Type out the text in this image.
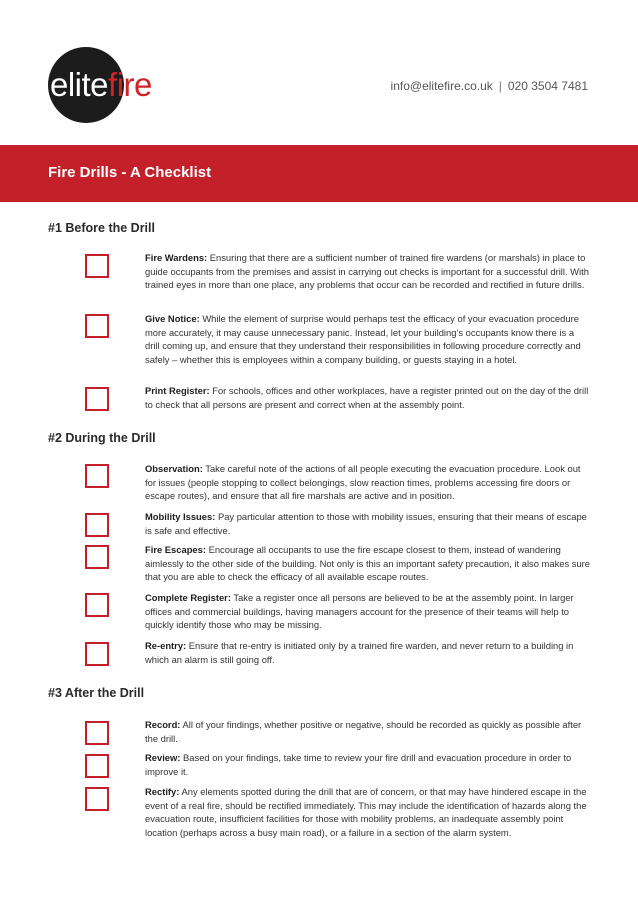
elitefire	info@elitefire.co.uk | 020 3504 7481
Fire Drills - A Checklist
#1 Before the Drill

Fire Wardens: Ensuring that there are a sufficient number of trained fire wardens (or marshals) in place to guide occupants from the premises and assist in carrying out checks is important for a successful drill. With trained eyes in more than one place, any problems that occur can be recorded and rectified in future drills.

Give Notice: While the element of surprise would perhaps test the efficacy of your evacuation procedure more accurately, it may cause unnecessary panic. Instead, let your building’s occupants know there is a drill coming up, and ensure that they understand their responsibilities in following procedure correctly and safely – whether this is employees within a company building, or guests staying in a hotel.

Print Register: For schools, offices and other workplaces, have a register printed out on the day of the drill to check that all persons are present and correct when at the assembly point.

#2 During the Drill

Observation: Take careful note of the actions of all people executing the evacuation procedure. Look out for issues (people stopping to collect belongings, slow reaction times, problems accessing fire doors or escape routes), and ensure that all fire marshals are active and in position.

Mobility Issues: Pay particular attention to those with mobility issues, ensuring that their means of escape is safe and effective.

Fire Escapes: Encourage all occupants to use the fire escape closest to them, instead of wandering aimlessly to the other side of the building. Not only is this an important safety precaution, it also makes sure that you are able to check the efficacy of all available escape routes.

Complete Register: Take a register once all persons are believed to be at the assembly point. In larger offices and commercial buildings, having managers account for the presence of their teams will help to quickly identify those who may be missing.

Re-entry: Ensure that re-entry is initiated only by a trained fire warden, and never return to a building in which an alarm is still going off.

#3 After the Drill

Record: All of your findings, whether positive or negative, should be recorded as quickly as possible after the drill.

Review: Based on your findings, take time to review your fire drill and evacuation procedure in order to improve it.

Rectify: Any elements spotted during the drill that are of concern, or that may have hindered escape in the event of a real fire, should be rectified immediately. This may include the identification of hazards along the evacuation route, insufficient facilities for those with mobility problems, an inadequate assembly point location (perhaps across a busy main road), or a failure in a section of the alarm system.
